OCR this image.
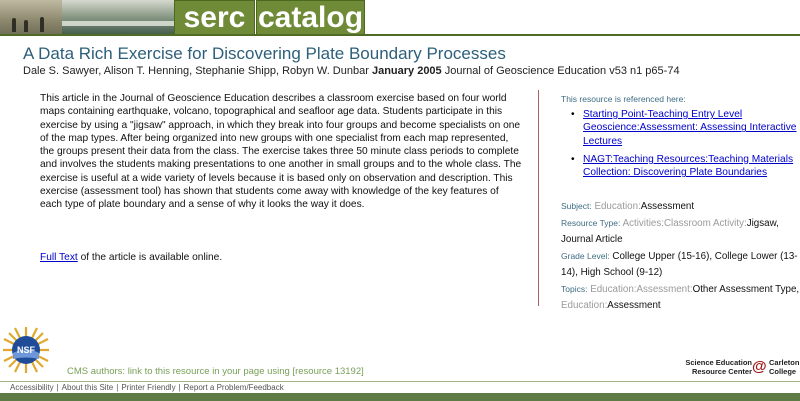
serc catalog
A Data Rich Exercise for Discovering Plate Boundary Processes
Dale S. Sawyer, Alison T. Henning, Stephanie Shipp, Robyn W. Dunbar January 2005 Journal of Geoscience Education v53 n1 p65-74
This article in the Journal of Geoscience Education describes a classroom exercise based on four world maps containing earthquake, volcano, topographical and seafloor age data. Students participate in this exercise by using a "jigsaw" approach, in which they break into four groups and become specialists on one of the map types. After being organized into new groups with one specialist from each map represented, the groups present their data from the class. The exercise takes three 50 minute class periods to complete and involves the students making presentations to one another in small groups and to the whole class. The exercise is useful at a wide variety of levels because it is based only on observation and description. This exercise (assessment tool) has shown that students come away with knowledge of the key features of each type of plate boundary and a sense of why it looks the way it does.
Full Text of the article is available online.
This resource is referenced here:
• Starting Point-Teaching Entry Level Geoscience:Assessment: Assessing Interactive Lectures
• NAGT:Teaching Resources:Teaching Materials Collection: Discovering Plate Boundaries
Subject: Education:Assessment
Resource Type: Activities:Classroom Activity:Jigsaw, Journal Article
Grade Level: College Upper (15-16), College Lower (13-14), High School (9-12)
Topics: Education:Assessment:Other Assessment Type, Education:Assessment
NSF
CMS authors: link to this resource in your page using [resource 13192]
Science Education Resource Center @ Carleton College
Accessibility | About this Site | Printer Friendly | Report a Problem/Feedback
